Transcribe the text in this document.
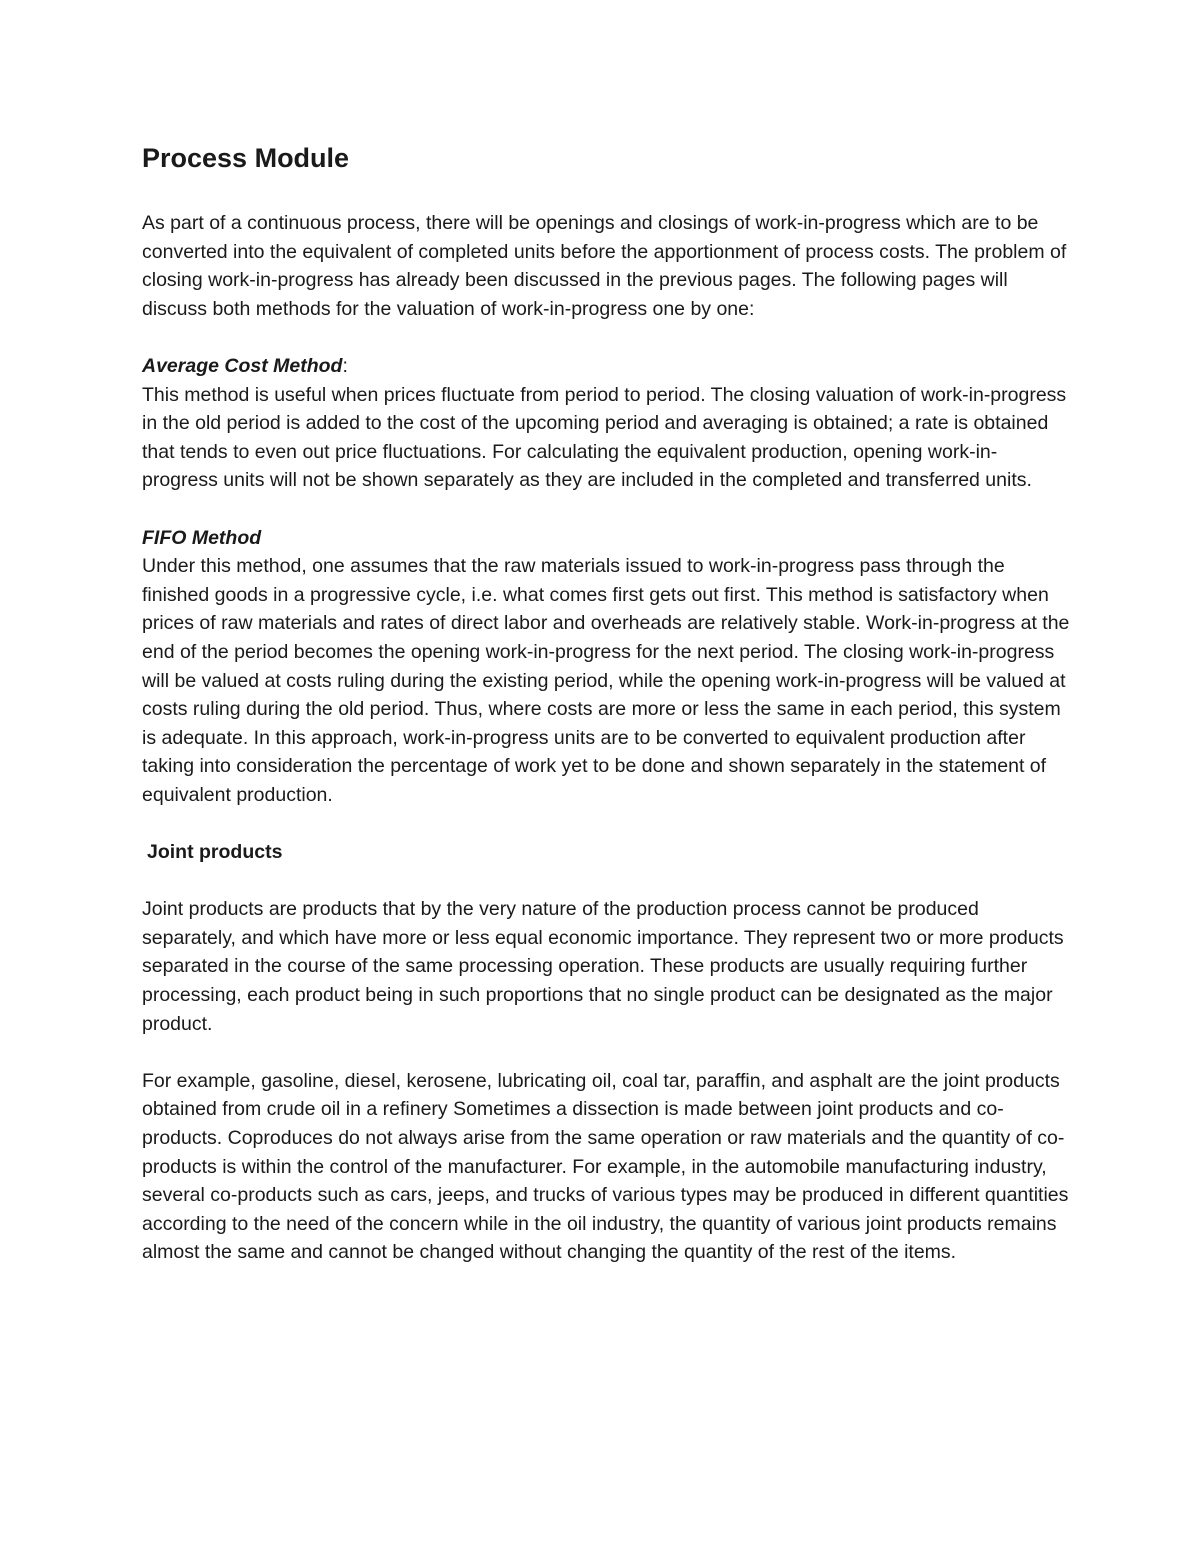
Process Module

As part of a continuous process, there will be openings and closings of work-in-progress which are to be converted into the equivalent of completed units before the apportionment of process costs. The problem of closing work-in-progress has already been discussed in the previous pages. The following pages will discuss both methods for the valuation of work-in-progress one by one:

Average Cost Method:

This method is useful when prices fluctuate from period to period. The closing valuation of work-in-progress in the old period is added to the cost of the upcoming period and averaging is obtained; a rate is obtained that tends to even out price fluctuations. For calculating the equivalent production, opening work-in-progress units will not be shown separately as they are included in the completed and transferred units.

FIFO Method

Under this method, one assumes that the raw materials issued to work-in-progress pass through the finished goods in a progressive cycle, i.e. what comes first gets out first. This method is satisfactory when prices of raw materials and rates of direct labor and overheads are relatively stable. Work-in-progress at the end of the period becomes the opening work-in-progress for the next period. The closing work-in-progress will be valued at costs ruling during the existing period, while the opening work-in-progress will be valued at costs ruling during the old period. Thus, where costs are more or less the same in each period, this system is adequate. In this approach, work-in-progress units are to be converted to equivalent production after taking into consideration the percentage of work yet to be done and shown separately in the statement of equivalent production.

Joint products

Joint products are products that by the very nature of the production process cannot be produced separately, and which have more or less equal economic importance. They represent two or more products separated in the course of the same processing operation. These products are usually requiring further processing, each product being in such proportions that no single product can be designated as the major product.

For example, gasoline, diesel, kerosene, lubricating oil, coal tar, paraffin, and asphalt are the joint products obtained from crude oil in a refinery Sometimes a dissection is made between joint products and co-products. Coproduces do not always arise from the same operation or raw materials and the quantity of co-products is within the control of the manufacturer. For example, in the automobile manufacturing industry, several co-products such as cars, jeeps, and trucks of various types may be produced in different quantities according to the need of the concern while in the oil industry, the quantity of various joint products remains almost the same and cannot be changed without changing the quantity of the rest of the items.
